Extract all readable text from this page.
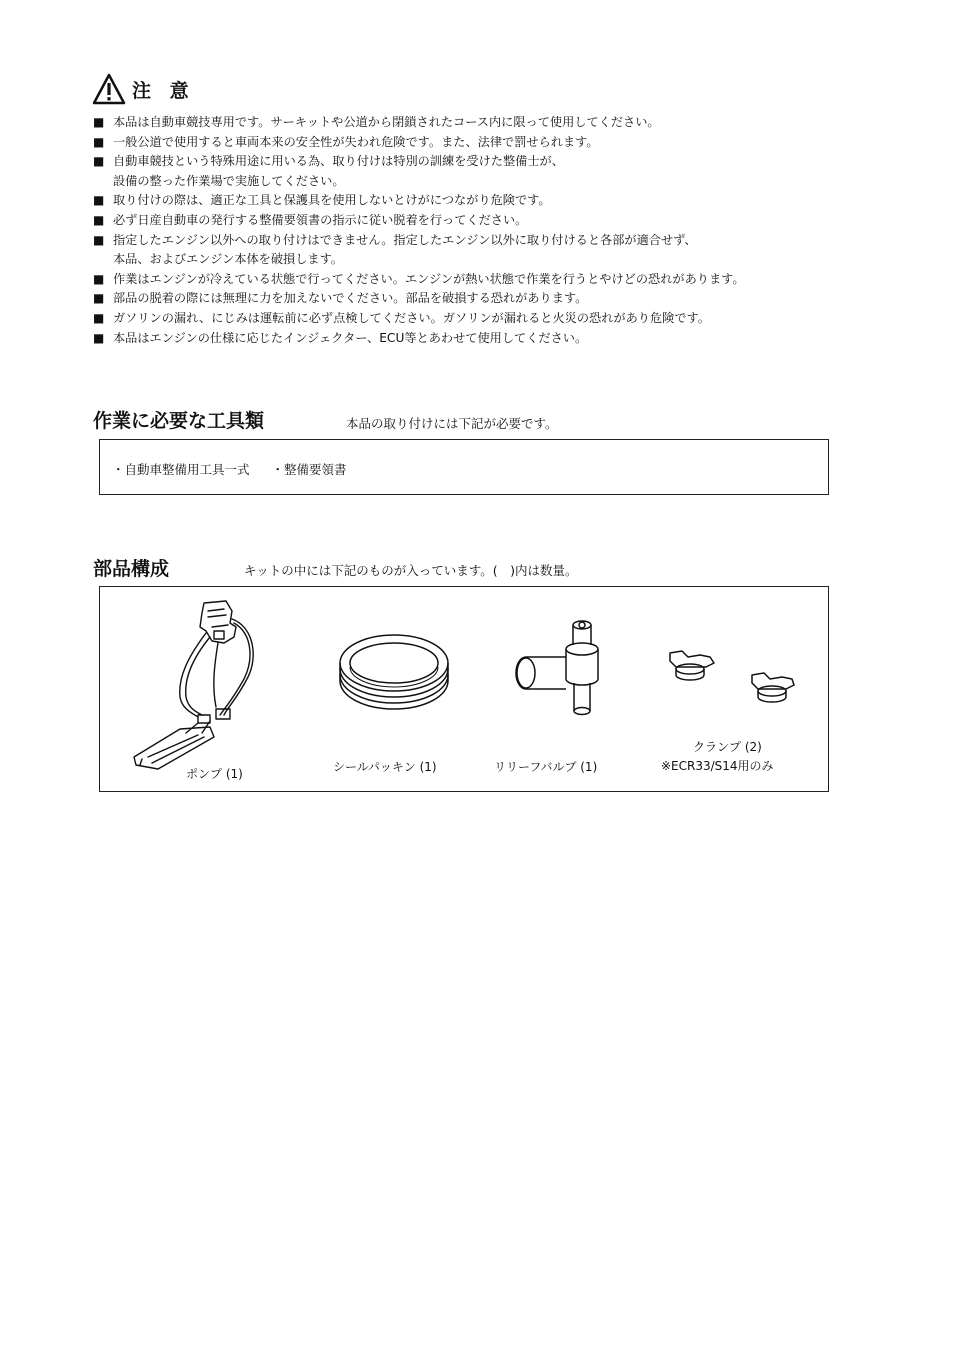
注 意
■ 本品は自動車競技専用です。サーキットや公道から閉鎖されたコース内に限って使用してください。
■ 一般公道で使用すると車両本来の安全性が失われ危険です。また、法律で罰せられます。
■ 自動車競技という特殊用途に用いる為、取り付けは特別の訓練を受けた整備士が、
設備の整った作業場で実施してください。
■ 取り付けの際は、適正な工具と保護具を使用しないとけがにつながり危険です。
■ 必ず日産自動車の発行する整備要領書の指示に従い脱着を行ってください。
■ 指定したエンジン以外への取り付けはできません。指定したエンジン以外に取り付けると各部が適合せず、
本品、およびエンジン本体を破損します。
■ 作業はエンジンが冷えている状態で行ってください。エンジンが熱い状態で作業を行うとやけどの恐れがあります。
■ 部品の脱着の際には無理に力を加えないでください。部品を破損する恐れがあります。
■ ガソリンの漏れ、にじみは運転前に必ず点検してください。ガソリンが漏れると火災の恐れがあり危険です。
■ 本品はエンジンの仕様に応じたインジェクター、ECU等とあわせて使用してください。
作業に必要な工具類	本品の取り付けには下記が必要です。
・自動車整備用工具一式 ・整備要領書
部品構成	キットの中には下記のものが入っています。(　)内は数量。
ポンプ (1)	シールパッキン (1)	リリーフバルブ (1)
クランプ (2)
※ECR33/S14用のみ
